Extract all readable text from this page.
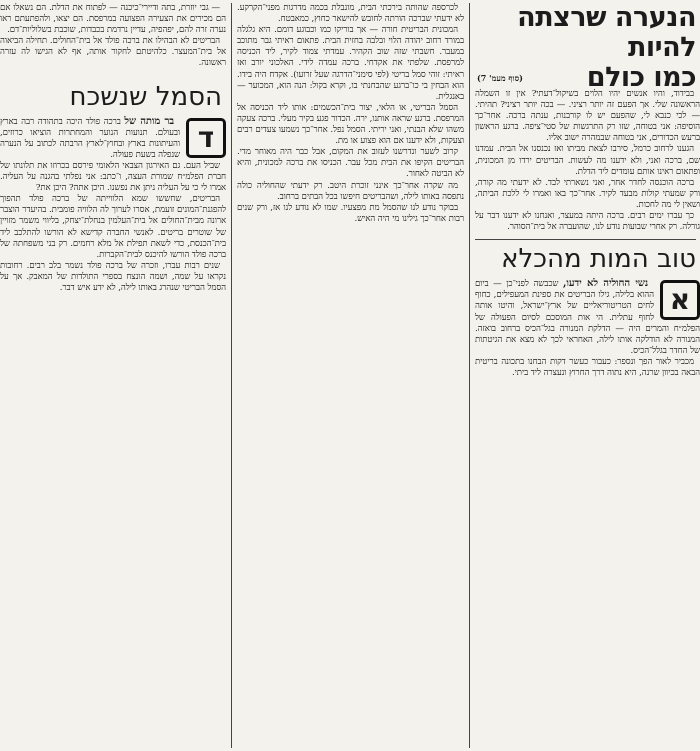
הנערה שרצתה להיות
כמו כולם
(סוף מעמ' 7)

בבידוד, והיו אנשים יהיו הלוים בשיקול־דעתי? אין זו השמלה הראשונה שלי. אך הפעם זה יותר רציני. — בכה יותר רציני? תהיתי. — לכי כנבא לי, שהפעם יש לו קורבנות, ענתה ברכה. אחר־כך הוסיפה: אני בטוחה, שזו רק התרגשות של סטי־ציפה. ברגע הראשון ברעש הכדורים, אני בטוחה שבמהרה ישוב אליו.

הגענו לרחוב כרמל, סירבו לצאת מביתו ואז נכנסנו אל הבית. עמדנו שם, ברכה ואני, ולא ידענו מה לעשות. הבריטים ירדו מן המכונית, ופתאום ראינו אותם עומדים ליד הדלת.

ברכה הוכנסה לחדר אחר, ואני נשארתי לבד. לא ידעתי מה קורה, ורק שמעתי קולות מבעד לקיר. אחר־כך באו ואמרו לי ללכת הביתה, ושאין לי מה לחכות.

כך עברו ימים רבים. ברכה היתה במעצר, ואנחנו לא ידענו דבר על גורלה. רק אחרי שבועות נודע לנו, שהועברה אל בית־הסוהר.

טוב המות מהכלא
א

נשי החוליה לא ידעו, שכבשה לפני־כן — ביום ההוא בלילה, גילו הבריטים את ספינת המעפילים, כחוף לחים הטריטוריאליים של ארץ־ישראל, והיטו אותה לחוף עתלית. הי אות המוסכם לסיום הפעולה של הפלמ״ח והמרים היה — הדלקת המנורה בגל־הכיס ברחוב בואזה. המנורה לא הודלקה אותו לילה, האחראי לכך לא מצא את הגיטתות של החדר בגלל־הכיס.

מכביר לאור הפך ונספר: כעבור כעשר דקות הבחנו בתכונה בריטית הבאה בכיוון שרנה, היא נתוה דרך החרוץ ונעצרה ליד ביתי.

לכרספה שהותה בירכתי הבית, מונבלת בכמה מדרגות מפני־הקרקע. לא ידעתי שברכה הורתה לחובש להישאר כחוץ, כמאבטח.

המכונית הבריטית חורה — אך בוריקו כמו וכבוגע דומם. היא גלגלה במורד רחוב יהודה הלוי ובלבה בחזית הבית. פתאום ראיתי גבר מתוכב במעבר. חשבתי שזה שוב הקהיר. עמדתי צמוד לקיר, ליד הכניסה למרפסת. שלפתי את אקדחי. ברכה עמדה לידי. האלכוני יורב ואז ראיתי: זוהי סמל בריטי (לפי סימני־הדרגה שעל זרועו). אקדח היה בידו. הוא הבחין בי כו־ברגע שהבחנתי בו, וקרא בקול: הנה הוא, המכוער — באנגלית.

הסמל הבריטי, או הלאי, יצור בית־הכשמים: אותו ליד הכניסה אל המרפסת. ברגע שראה אותנו, ירה. הכדור פגע בקיר מעלי. ברכה צעקה משהו שלא הבנתי, ואני יריתי. הסמל נפל. אחר־כך נשמעו צעדים רבים וצעקות, ולא ידענו אם הוא פצוע או מת.

קרוב לשער ונדרשנו לעזוב את המקום, אבל כבר היה מאוחר מדי. הבריטים הקיפו את הבית מכל עבר. הכניסו את ברכה למכונית, והיא לא הביטה לאחור.

מה שקרה אחר־כך אינני זוכרת היטב. רק ידעתי שהחוליה כולה נתפסה באותו לילה, ושהבריטים חיפשו בכל הבתים ברחוב.

בבוקר נודע לנו שהסמל מת מפצעיו. שמו לא נודע לנו אז, ורק שנים רבות אחר־כך גילינו מי היה האיש.

— גבי יוזרת, בתה ודיירי־כיכנה — לפתוח את הדלת. הם נשאלו אם הם מכירים את הצעירה הפצועה במרפסת. הם יצאו, ולהפתעתם ראו נערה זרה להם, יפהפיה, עדיין נרדמת בכבדות, שוכבת בשלוליות־דם.

הבריטים לא הבהילו את ברכה פולד אל בית־החולים. תחילה הביאוה אל בית־המעצר. כלהיטתם לחקור אותה, אף לא הגישו לה עזרה ראשונה.

הסמל שנשכח
ד

בר מותה של ברכה פולד היכה בתהודה רבה בארץ ובעולם. תנועות הנוער והמחתרות הוציאו כרוזים, והעיתונות בארץ ובחוץ־לארץ הרבתה לכתוב על הנערה שנפלה בשעת פעולה.

שביל העם. גם האירגון הצבאי הלאומי פירסם בכרוזו את תלונתו של חברת הפלמ״ח שמורת העצה, ו־כתב: אני נפלתי בהגנה על העליה. אמרו לי כי על העליה ניתן את נפשנו. היכן אתה? היכן את?

הבריטים, שחששו שמא הלווייתה של ברכה פולד תהפוך להפגנת־המונים זועמת, אסרו לערוך לה הלוויה פומבית. בהיעדר הוצבר ארונה מבית־החולים אל בית־העלמין בנחלת־יצחק, בליווי משמר מזויין של שוטרים בריטים. לאנשי החברה קדישא לא הורשו להתלכב ליד בית־הכנסת, כדי לשאת תפילת אל מלא רחמים. רק בני משפחתה של ברכה פולד הורשו להיכנס לבית־הקברות.

שנים רבות עברו, וזכרה של ברכה פולד נשמר בלב רבים. רחובות נקראו על שמה, ושמה הונצח בספרי התולדות של המאבק. אך על הסמל הבריטי שנהרג באותו לילה, לא ידע איש דבר.
